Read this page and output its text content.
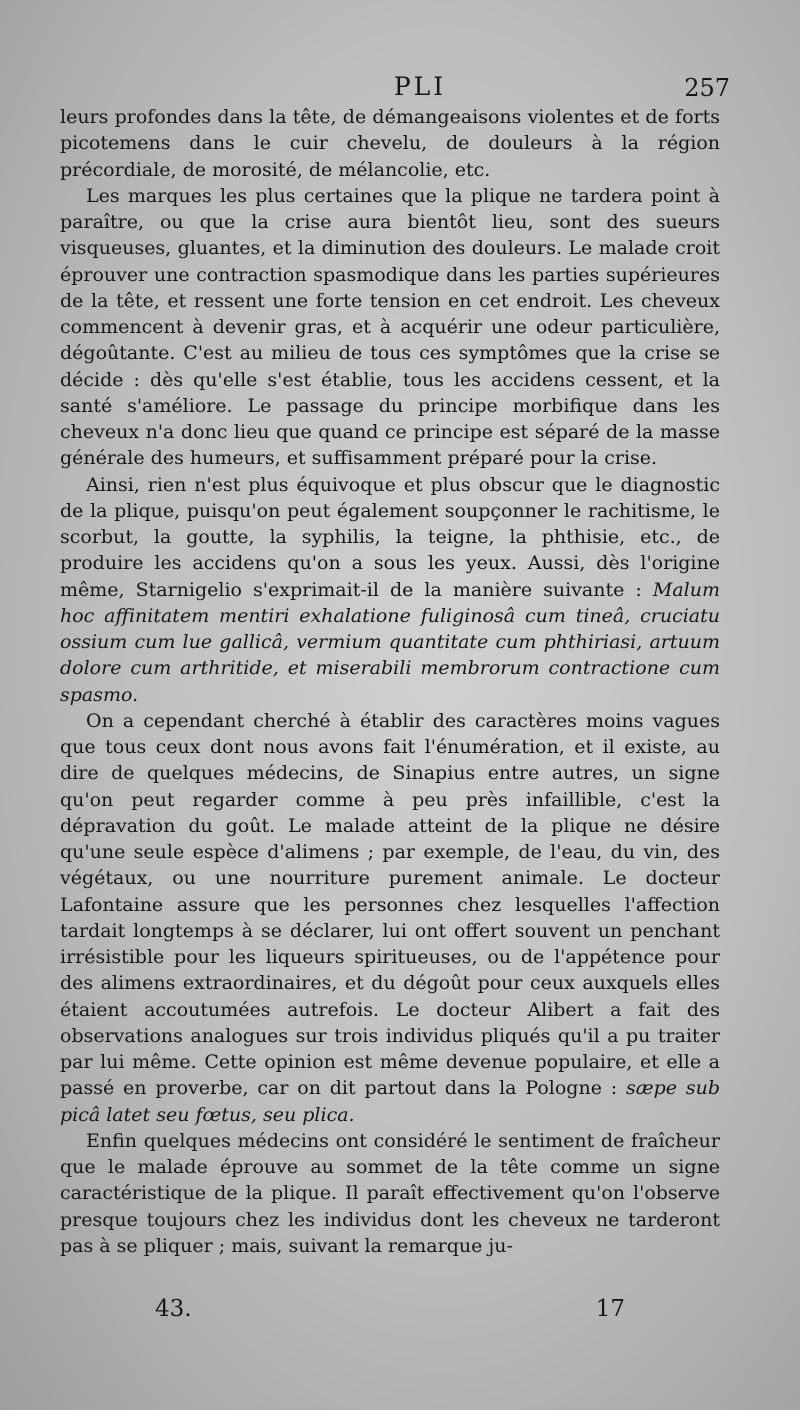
PLI	257

leurs profondes dans la tête, de démangeaisons violentes et de forts picotemens dans le cuir chevelu, de douleurs à la région précordiale, de morosité, de mélancolie, etc.

Les marques les plus certaines que la plique ne tardera point à paraître, ou que la crise aura bientôt lieu, sont des sueurs visqueuses, gluantes, et la diminution des douleurs. Le malade croit éprouver une contraction spasmodique dans les parties supérieures de la tête, et ressent une forte tension en cet endroit. Les cheveux commencent à devenir gras, et à acquérir une odeur particulière, dégoûtante. C'est au milieu de tous ces symptômes que la crise se décide : dès qu'elle s'est établie, tous les accidens cessent, et la santé s'améliore. Le passage du principe morbifique dans les cheveux n'a donc lieu que quand ce principe est séparé de la masse générale des humeurs, et suffisamment préparé pour la crise.

Ainsi, rien n'est plus équivoque et plus obscur que le diagnostic de la plique, puisqu'on peut également soupçonner le rachitisme, le scorbut, la goutte, la syphilis, la teigne, la phthisie, etc., de produire les accidens qu'on a sous les yeux. Aussi, dès l'origine même, Starnigelio s'exprimait-il de la manière suivante : Malum hoc affinitatem mentiri exhalatione fuliginosâ cum tineâ, cruciatu ossium cum lue gallicâ, vermium quantitate cum phthiriasi, artuum dolore cum arthritide, et miserabili membrorum contractione cum spasmo.

On a cependant cherché à établir des caractères moins vagues que tous ceux dont nous avons fait l'énumération, et il existe, au dire de quelques médecins, de Sinapius entre autres, un signe qu'on peut regarder comme à peu près infaillible, c'est la dépravation du goût. Le malade atteint de la plique ne désire qu'une seule espèce d'alimens ; par exemple, de l'eau, du vin, des végétaux, ou une nourriture purement animale. Le docteur Lafontaine assure que les personnes chez lesquelles l'affection tardait longtemps à se déclarer, lui ont offert souvent un penchant irrésistible pour les liqueurs spiritueuses, ou de l'appétence pour des alimens extraordinaires, et du dégoût pour ceux auxquels elles étaient accoutumées autrefois. Le docteur Alibert a fait des observations analogues sur trois individus pliqués qu'il a pu traiter par lui même. Cette opinion est même devenue populaire, et elle a passé en proverbe, car on dit partout dans la Pologne : sæpe sub picâ latet seu fœtus, seu plica.

Enfin quelques médecins ont considéré le sentiment de fraîcheur que le malade éprouve au sommet de la tête comme un signe caractéristique de la plique. Il paraît effectivement qu'on l'observe presque toujours chez les individus dont les cheveux ne tarderont pas à se pliquer ; mais, suivant la remarque ju-

43.	17
